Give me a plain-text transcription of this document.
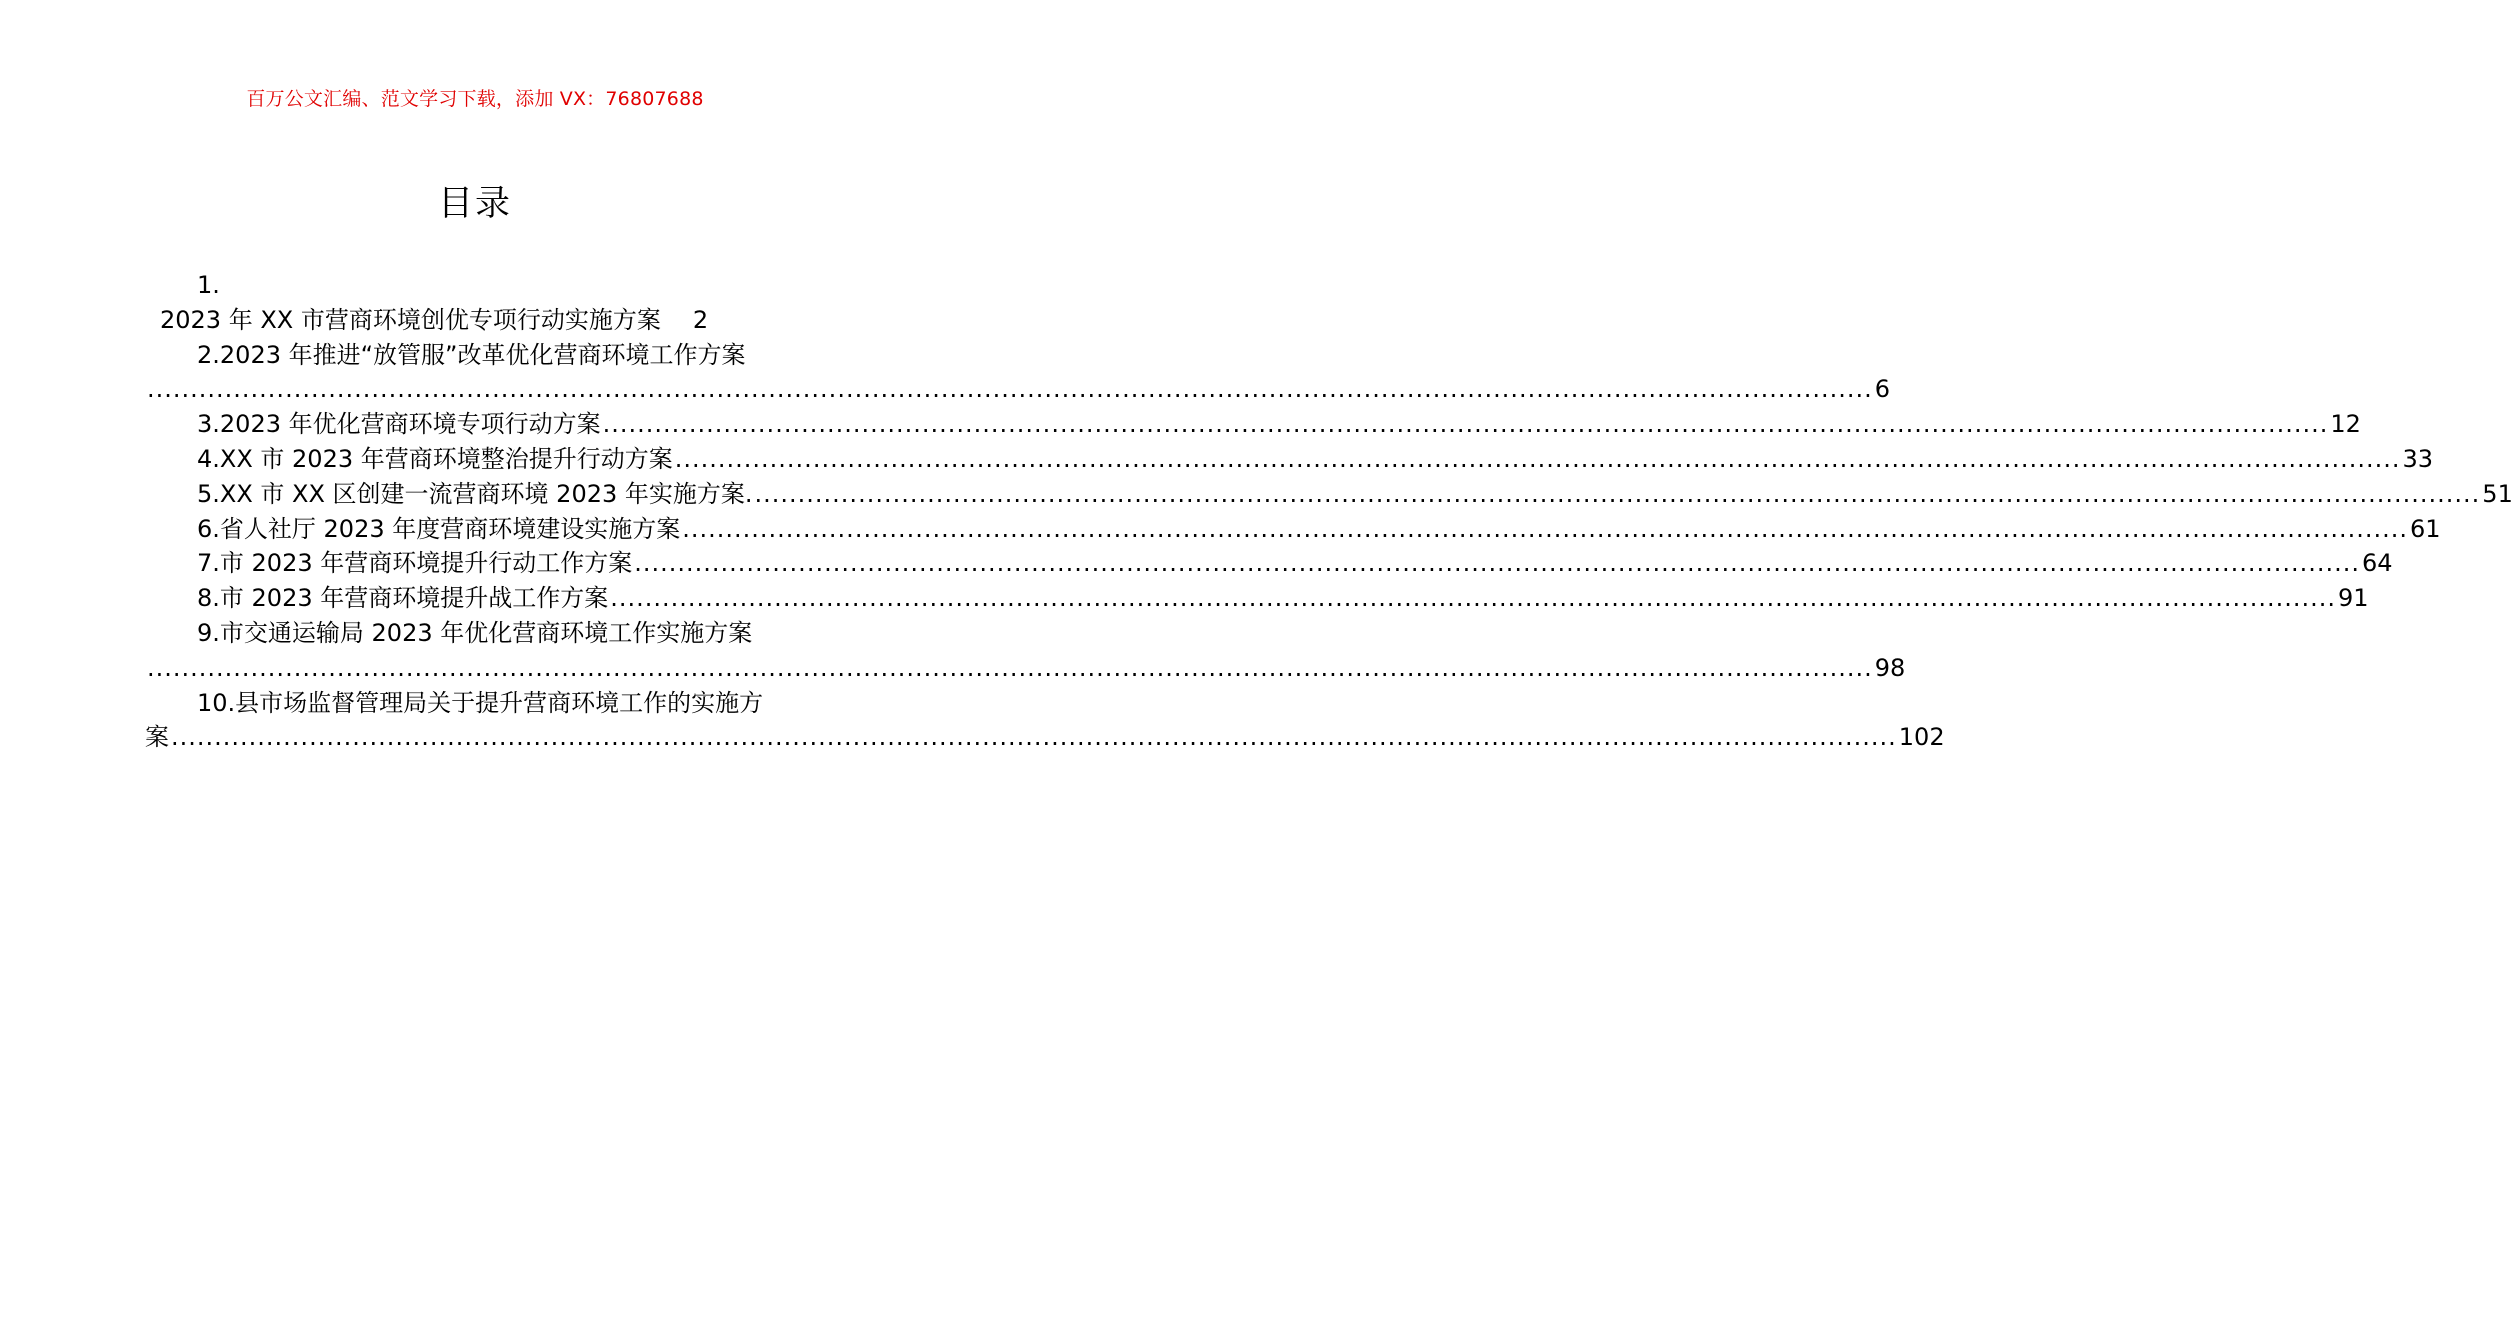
百万公文汇编、范文学习下载，添加 VX：76807688
目录
1.
2023 年 XX 市营商环境创优专项行动实施方案	2
2.2023 年推进“放管服”改革优化营商环境工作方案
........................................................................................................................................................................................................ 6
3.2023 年优化营商环境专项行动方案 ........................................................................................................................................................................................................ 12
4.XX 市 2023 年营商环境整治提升行动方案 ........................................................................................................................................................................................................ 33
5.XX 市 XX 区创建一流营商环境 2023 年实施方案. ........................................................................................................................................................................................................ 51
6.省人社厅 2023 年度营商环境建设实施方案 ........................................................................................................................................................................................................ 61
7.市 2023 年营商环境提升行动工作方案 ........................................................................................................................................................................................................ 64
8.市 2023 年营商环境提升战工作方案 ........................................................................................................................................................................................................ 91
9.市交通运输局 2023 年优化营商环境工作实施方案
........................................................................................................................................................................................................ 98
10.县市场监督管理局关于提升营商环境工作的实施方
案 ........................................................................................................................................................................................................ 102
